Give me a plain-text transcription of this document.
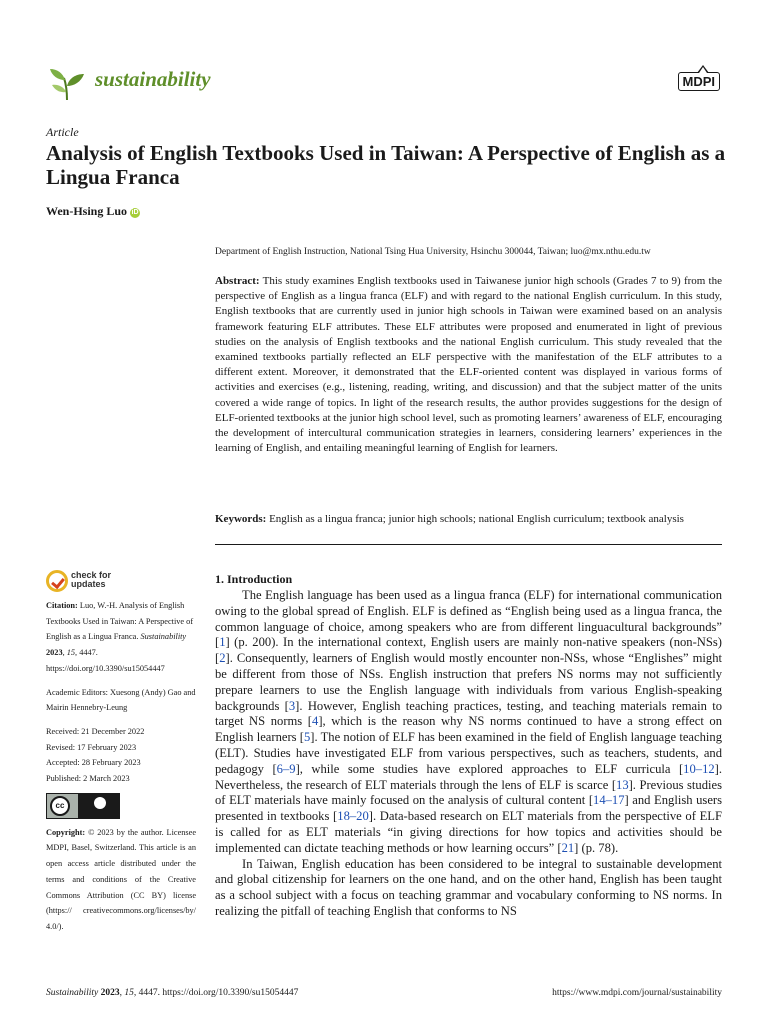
sustainability	MDPI
Article
Analysis of English Textbooks Used in Taiwan: A Perspective of English as a Lingua Franca
Wen-Hsing Luo iD
Department of English Instruction, National Tsing Hua University, Hsinchu 300044, Taiwan; luo@mx.nthu.edu.tw

Abstract: This study examines English textbooks used in Taiwanese junior high schools (Grades 7 to 9) from the perspective of English as a lingua franca (ELF) and with regard to the national English curriculum. In this study, English textbooks that are currently used in junior high schools in Taiwan were examined based on an analysis framework featuring ELF attributes. These ELF attributes were proposed and enumerated in light of previous studies on the analysis of English textbooks and the national English curriculum. This study revealed that the examined textbooks partially reflected an ELF perspective with the manifestation of the ELF attributes to a different extent. Moreover, it demonstrated that the ELF-oriented content was displayed in various forms of activities and exercises (e.g., listening, reading, writing, and discussion) and that the subject matter of the units covered a wide range of topics. In light of the research results, the author provides suggestions for the design of ELF-oriented textbooks at the junior high school level, such as promoting learners’ awareness of ELF, encouraging the development of intercultural communication strategies in learners, considering learners’ experiences in the learning of English, and entailing meaningful learning of English for learners.

Keywords: English as a lingua franca; junior high schools; national English curriculum; textbook analysis

check for
updates

Citation: Luo, W.-H. Analysis of English Textbooks Used in Taiwan: A Perspective of English as a Lingua Franca. Sustainability 2023, 15, 4447. https://doi.org/10.3390/su15054447

Academic Editors: Xuesong (Andy) Gao and Mairin Hennebry-Leung

Received: 21 December 2022

Revised: 17 February 2023

Accepted: 28 February 2023

Published: 2 March 2023

cc

Copyright: © 2023 by the author. Licensee MDPI, Basel, Switzerland. This article is an open access article distributed under the terms and conditions of the Creative Commons Attribution (CC BY) license (https:// creativecommons.org/licenses/by/ 4.0/).

1. Introduction

The English language has been used as a lingua franca (ELF) for international communication owing to the global spread of English. ELF is defined as “English being used as a lingua franca, the common language of choice, among speakers who are from different linguacultural backgrounds” [1] (p. 200). In the international context, English users are mainly non-native speakers (non-NSs) [2]. Consequently, learners of English would mostly encounter non-NSs, whose “Englishes” might be different from those of NSs. English instruction that prefers NS norms may not sufficiently prepare learners to use the English language with individuals from various English-speaking backgrounds [3]. However, English teaching practices, testing, and teaching materials remain to target NS norms [4], which is the reason why NS norms continued to have a strong effect on English learners [5]. The notion of ELF has been examined in the field of English language teaching (ELT). Studies have investigated ELF from various perspectives, such as teachers, students, and pedagogy [6–9], while some studies have explored approaches to ELF curricula [10–12]. Nevertheless, the research of ELT materials through the lens of ELF is scarce [13]. Previous studies of ELT materials have mainly focused on the analysis of cultural content [14–17] and English users presented in textbooks [18–20]. Data-based research on ELT materials from the perspective of ELF is called for as ELT materials “in giving directions for how topics and activities should be implemented can dictate teaching methods or how learning occurs” [21] (p. 78).

In Taiwan, English education has been considered to be integral to sustainable development and global citizenship for learners on the one hand, and on the other hand, English has been taught as a school subject with a focus on teaching grammar and vocabulary conforming to NS norms. In realizing the pitfall of teaching English that conforms to NS

Sustainability 2023, 15, 4447. https://doi.org/10.3390/su15054447	https://www.mdpi.com/journal/sustainability
